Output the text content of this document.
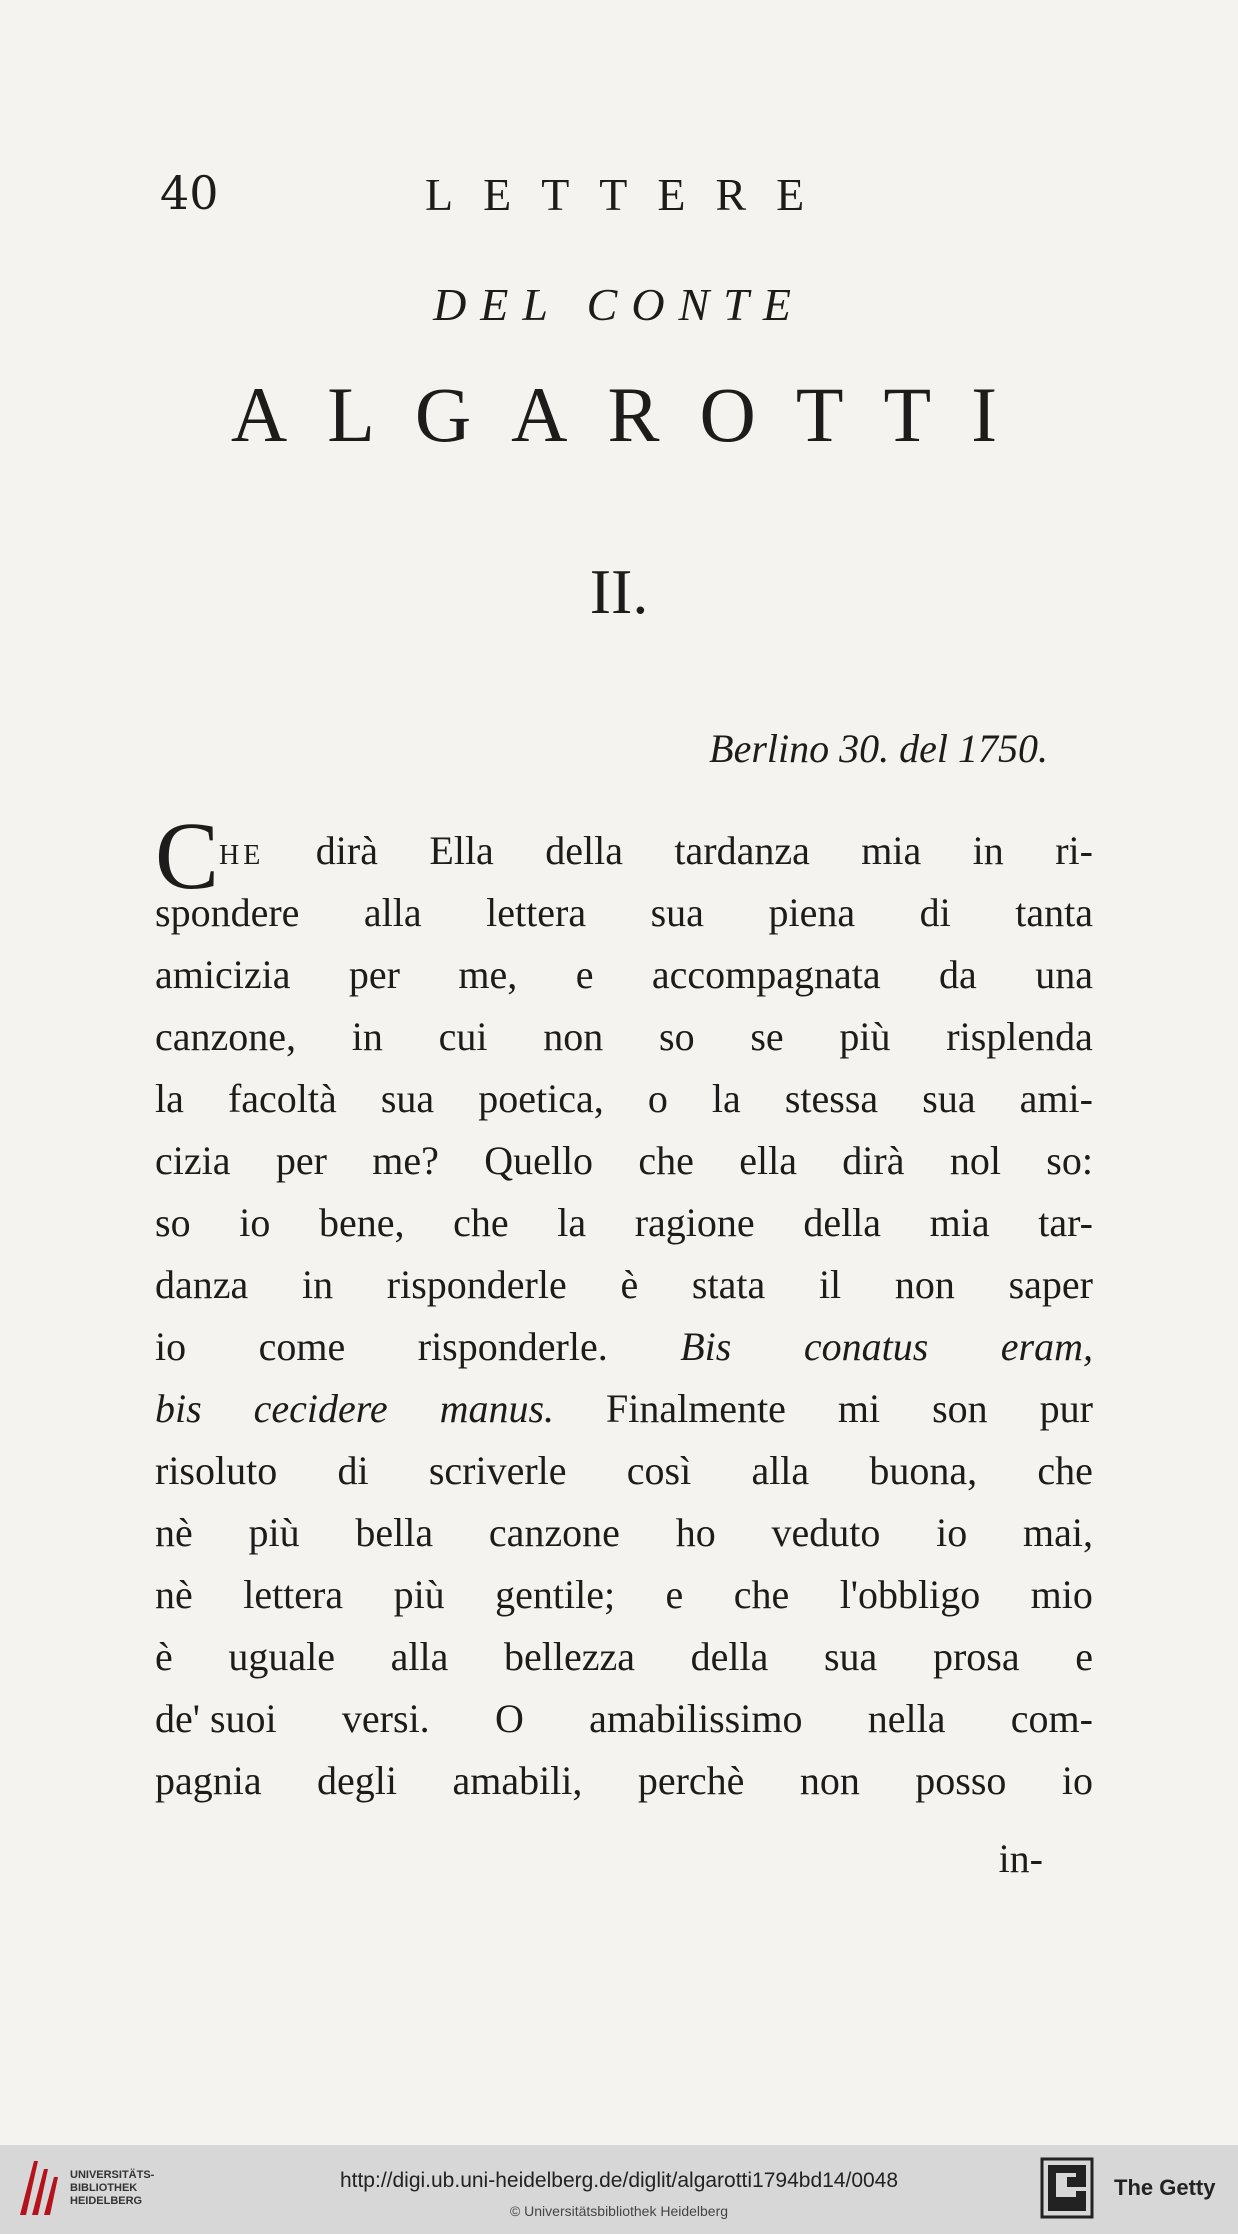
40	LETTERE
DEL CONTE
ALGAROTTI
II.
Berlino 30. del 1750.
CHE dirà Ella della tardanza mia in ri-
spondere alla lettera sua piena di tanta
amicizia per me, e accompagnata da una
canzone, in cui non so se più risplenda
la facoltà sua poetica, o la stessa sua ami-
cizia per me? Quello che ella dirà nol so:
so io bene, che la ragione della mia tar-
danza in risponderle è stata il non saper
io come risponderle. Bis conatus eram,
bis cecidere manus. Finalmente mi son pur
risoluto di scriverle così alla buona, che
nè più bella canzone ho veduto io mai,
nè lettera più gentile; e che l'obbligo mio
è uguale alla bellezza della sua prosa e
de' suoi versi. O amabilissimo nella com-
pagnia degli amabili, perchè non posso io
in-
UNIVERSITÄTS-
BIBLIOTHEK
HEIDELBERG
http://digi.ub.uni-heidelberg.de/diglit/algarotti1794bd14/0048
© Universitätsbibliothek Heidelberg
The Getty
